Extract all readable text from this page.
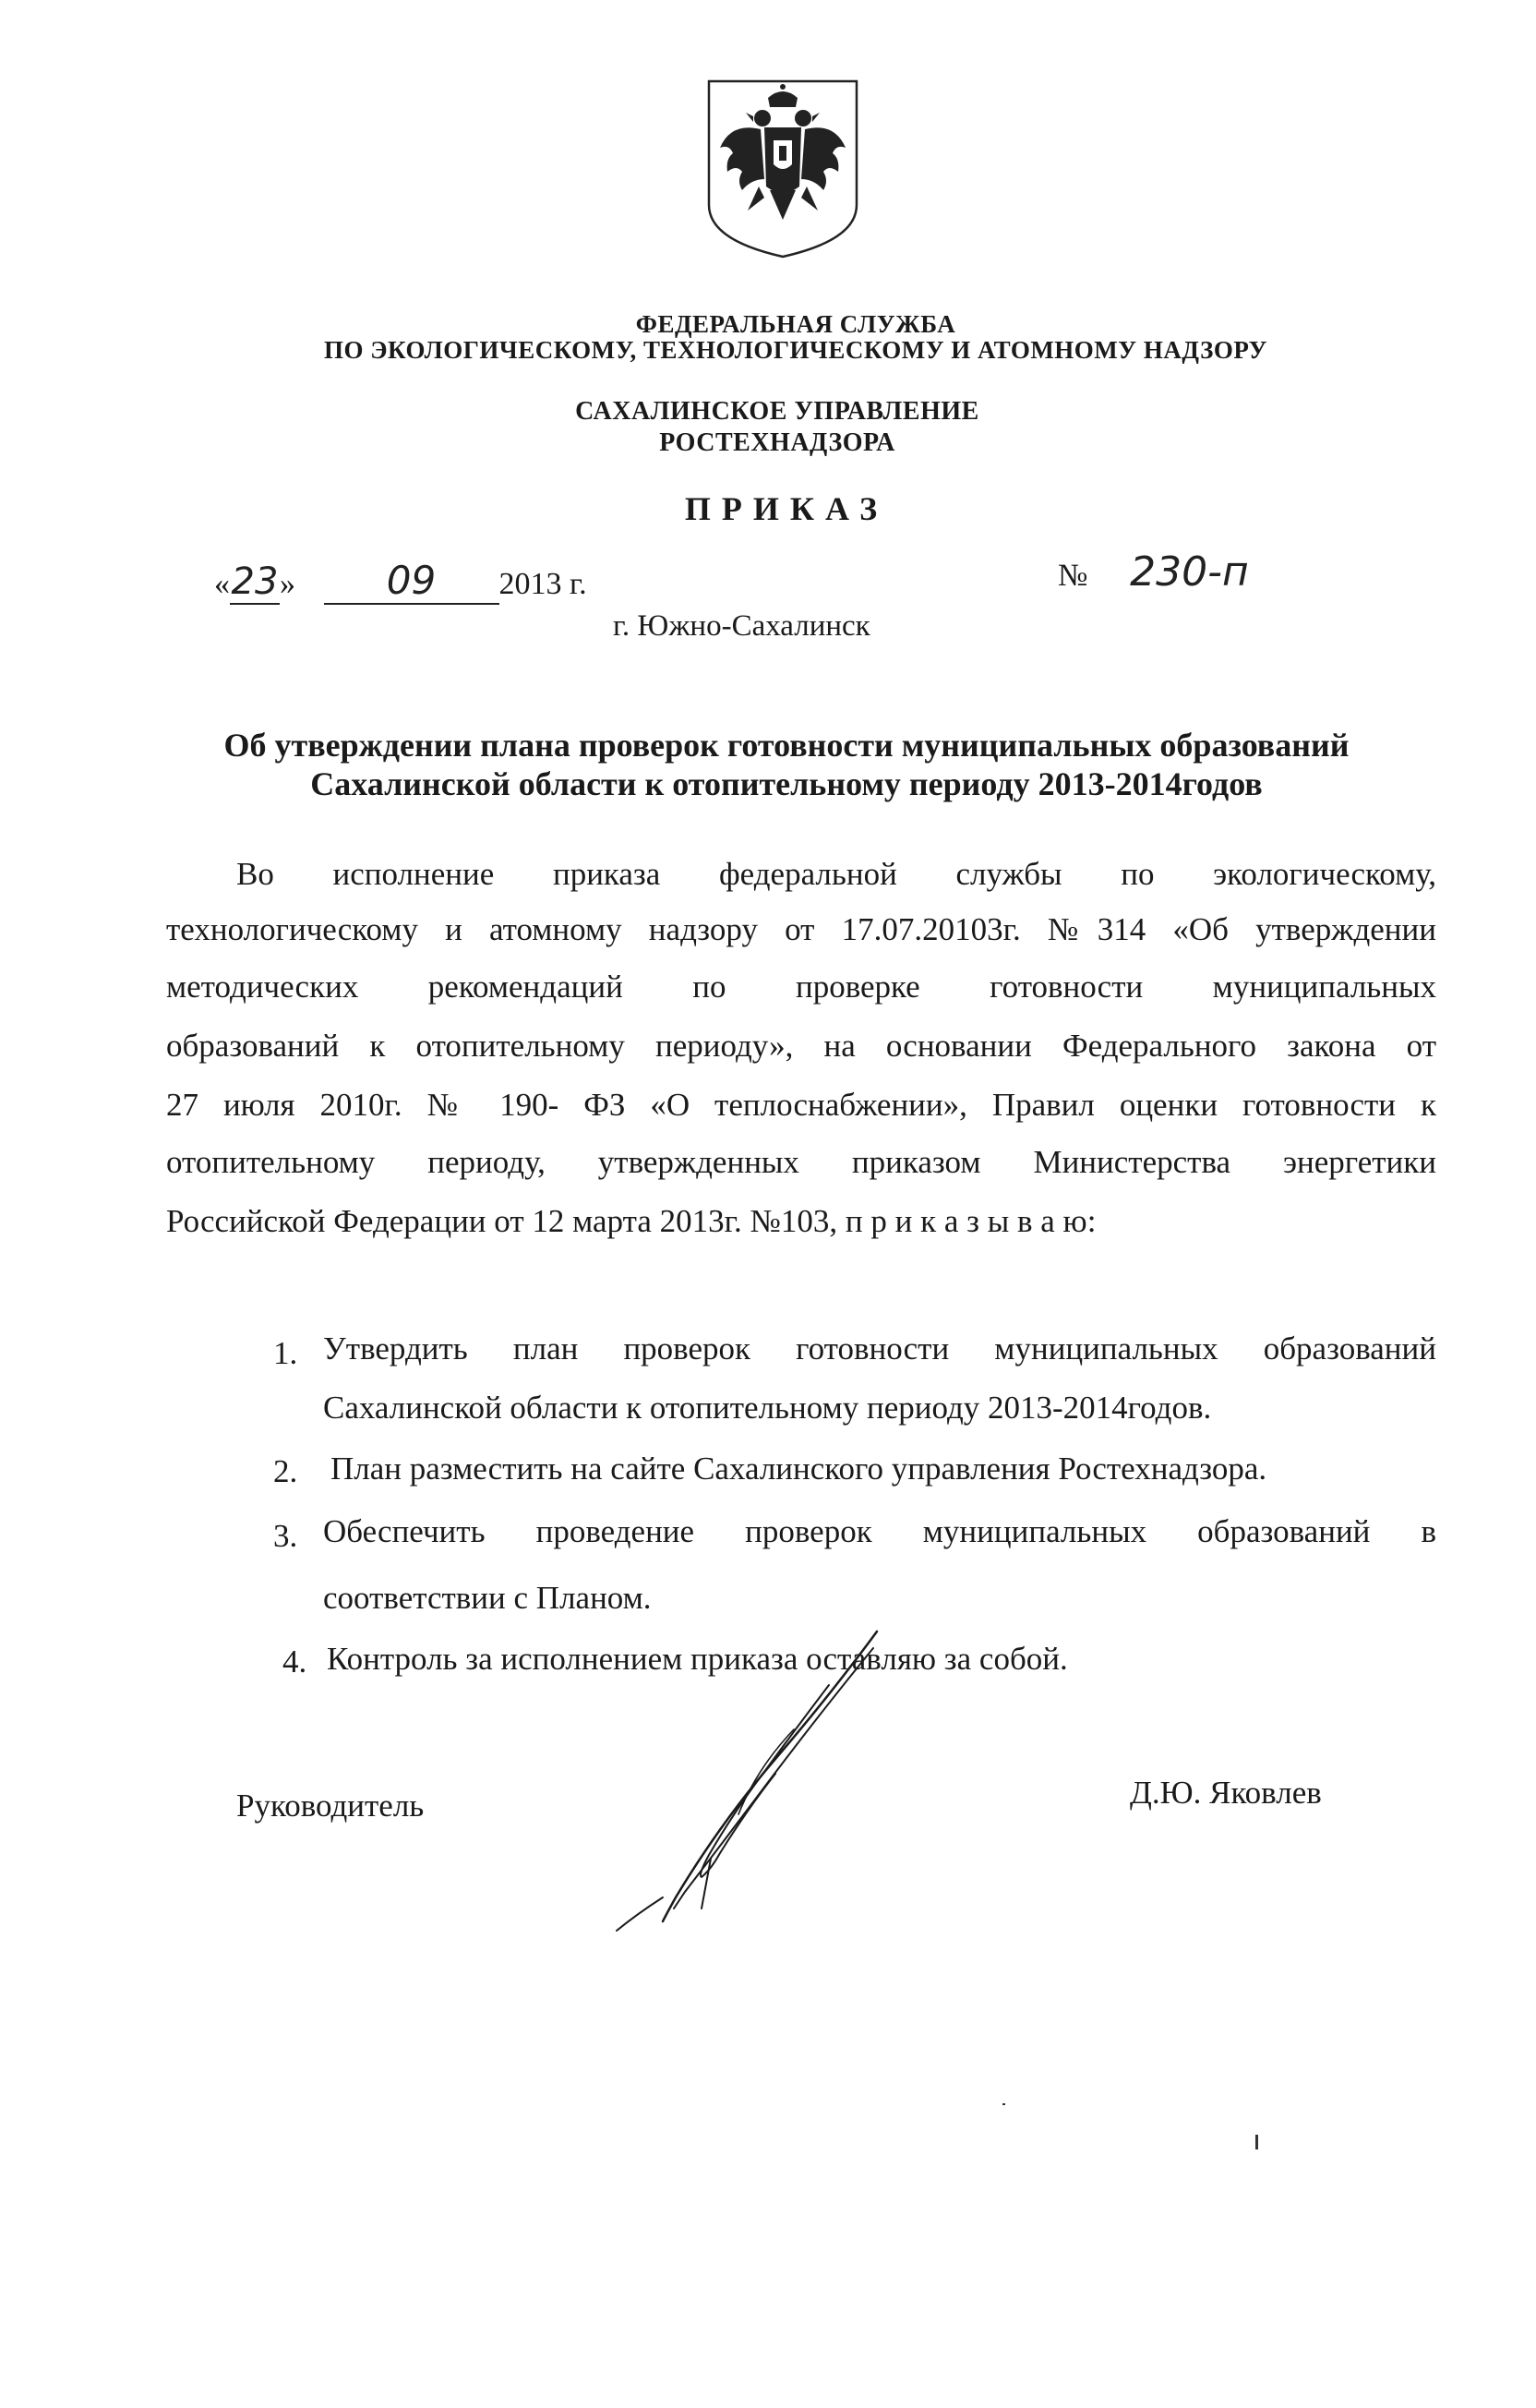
ФЕДЕРАЛЬНАЯ СЛУЖБА
ПО ЭКОЛОГИЧЕСКОМУ, ТЕХНОЛОГИЧЕСКОМУ И АТОМНОМУ НАДЗОРУ
САХАЛИНСКОЕ УПРАВЛЕНИЕ
РОСТЕХНАДЗОРА
ПРИКАЗ
«23» 09 2013 г.	№ 230-п
г. Южно-Сахалинск
Об утверждении плана проверок готовности муниципальных образований
Сахалинской области к отопительному периоду 2013-2014годов
Во исполнение приказа федеральной службы по экологическому,
технологическому и атомному надзору от 17.07.20103г. №314 «Об утверждении
методических рекомендаций по проверке готовности муниципальных
образований к отопительному периоду», на основании Федерального закона от
27 июля 2010г. № 190- ФЗ «О теплоснабжении», Правил оценки готовности к
отопительному периоду, утвержденных приказом Министерства энергетики
Российской Федерации от 12 марта 2013г. №103, п р и к а з ы в а ю:
1. Утвердить план проверок готовности муниципальных образований
Сахалинской области к отопительному периоду 2013-2014годов.
2. План разместить на сайте Сахалинского управления Ростехнадзора.
3. Обеспечить проведение проверок муниципальных образований в
соответствии с Планом.
4. Контроль за исполнением приказа оставляю за собой.
Руководитель	Д.Ю. Яковлев
